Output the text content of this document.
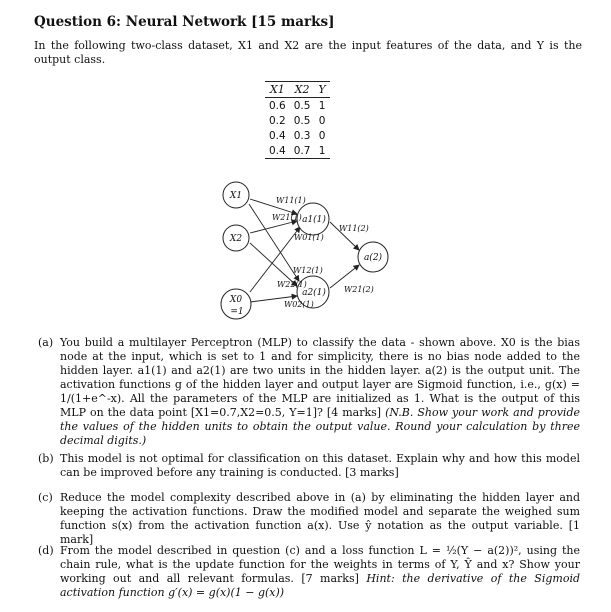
Question 6: Neural Network [15 marks]
In the following two-class dataset, X1 and X2 are the input features of the data, and Y is the output class.
X1	X2	Y
0.6	0.5	1
0.2	0.5	0
0.4	0.3	0
0.4	0.7	1
X1
X2
X0
=1
a1(1)
a2(1)
a(2)
W11(1)
W21(1)
W01(1)
W12(1)
W22(1)
W02(1)
W11(2)
W21(2)
(a) You build a multilayer Perceptron (MLP) to classify the data - shown above. X0 is the bias node at the input, which is set to 1 and for simplicity, there is no bias node added to the hidden layer. a1(1) and a2(1) are two units in the hidden layer. a(2) is the output unit. The activation functions g of the hidden layer and output layer are Sigmoid function, i.e., g(x) = 1/(1+e^-x). All the parameters of the MLP are initialized as 1. What is the output of this MLP on the data point [X1=0.7,X2=0.5, Y=1]? [4 marks] (N.B. Show your work and provide the values of the hidden units to obtain the output value. Round your calculation by three decimal digits.)
(b) This model is not optimal for classification on this dataset. Explain why and how this model can be improved before any training is conducted. [3 marks]
(c) Reduce the model complexity described above in (a) by eliminating the hidden layer and keeping the activation functions. Draw the modified model and separate the weighed sum function s(x) from the activation function a(x). Use ŷ notation as the output variable. [1 mark]
(d) From the model described in question (c) and a loss function L = ½(Y − a(2))², using the chain rule, what is the update function for the weights in terms of Y, Ŷ and x? Show your working out and all relevant formulas. [7 marks] Hint: the derivative of the Sigmoid activation function g′(x) = g(x)(1 − g(x))
